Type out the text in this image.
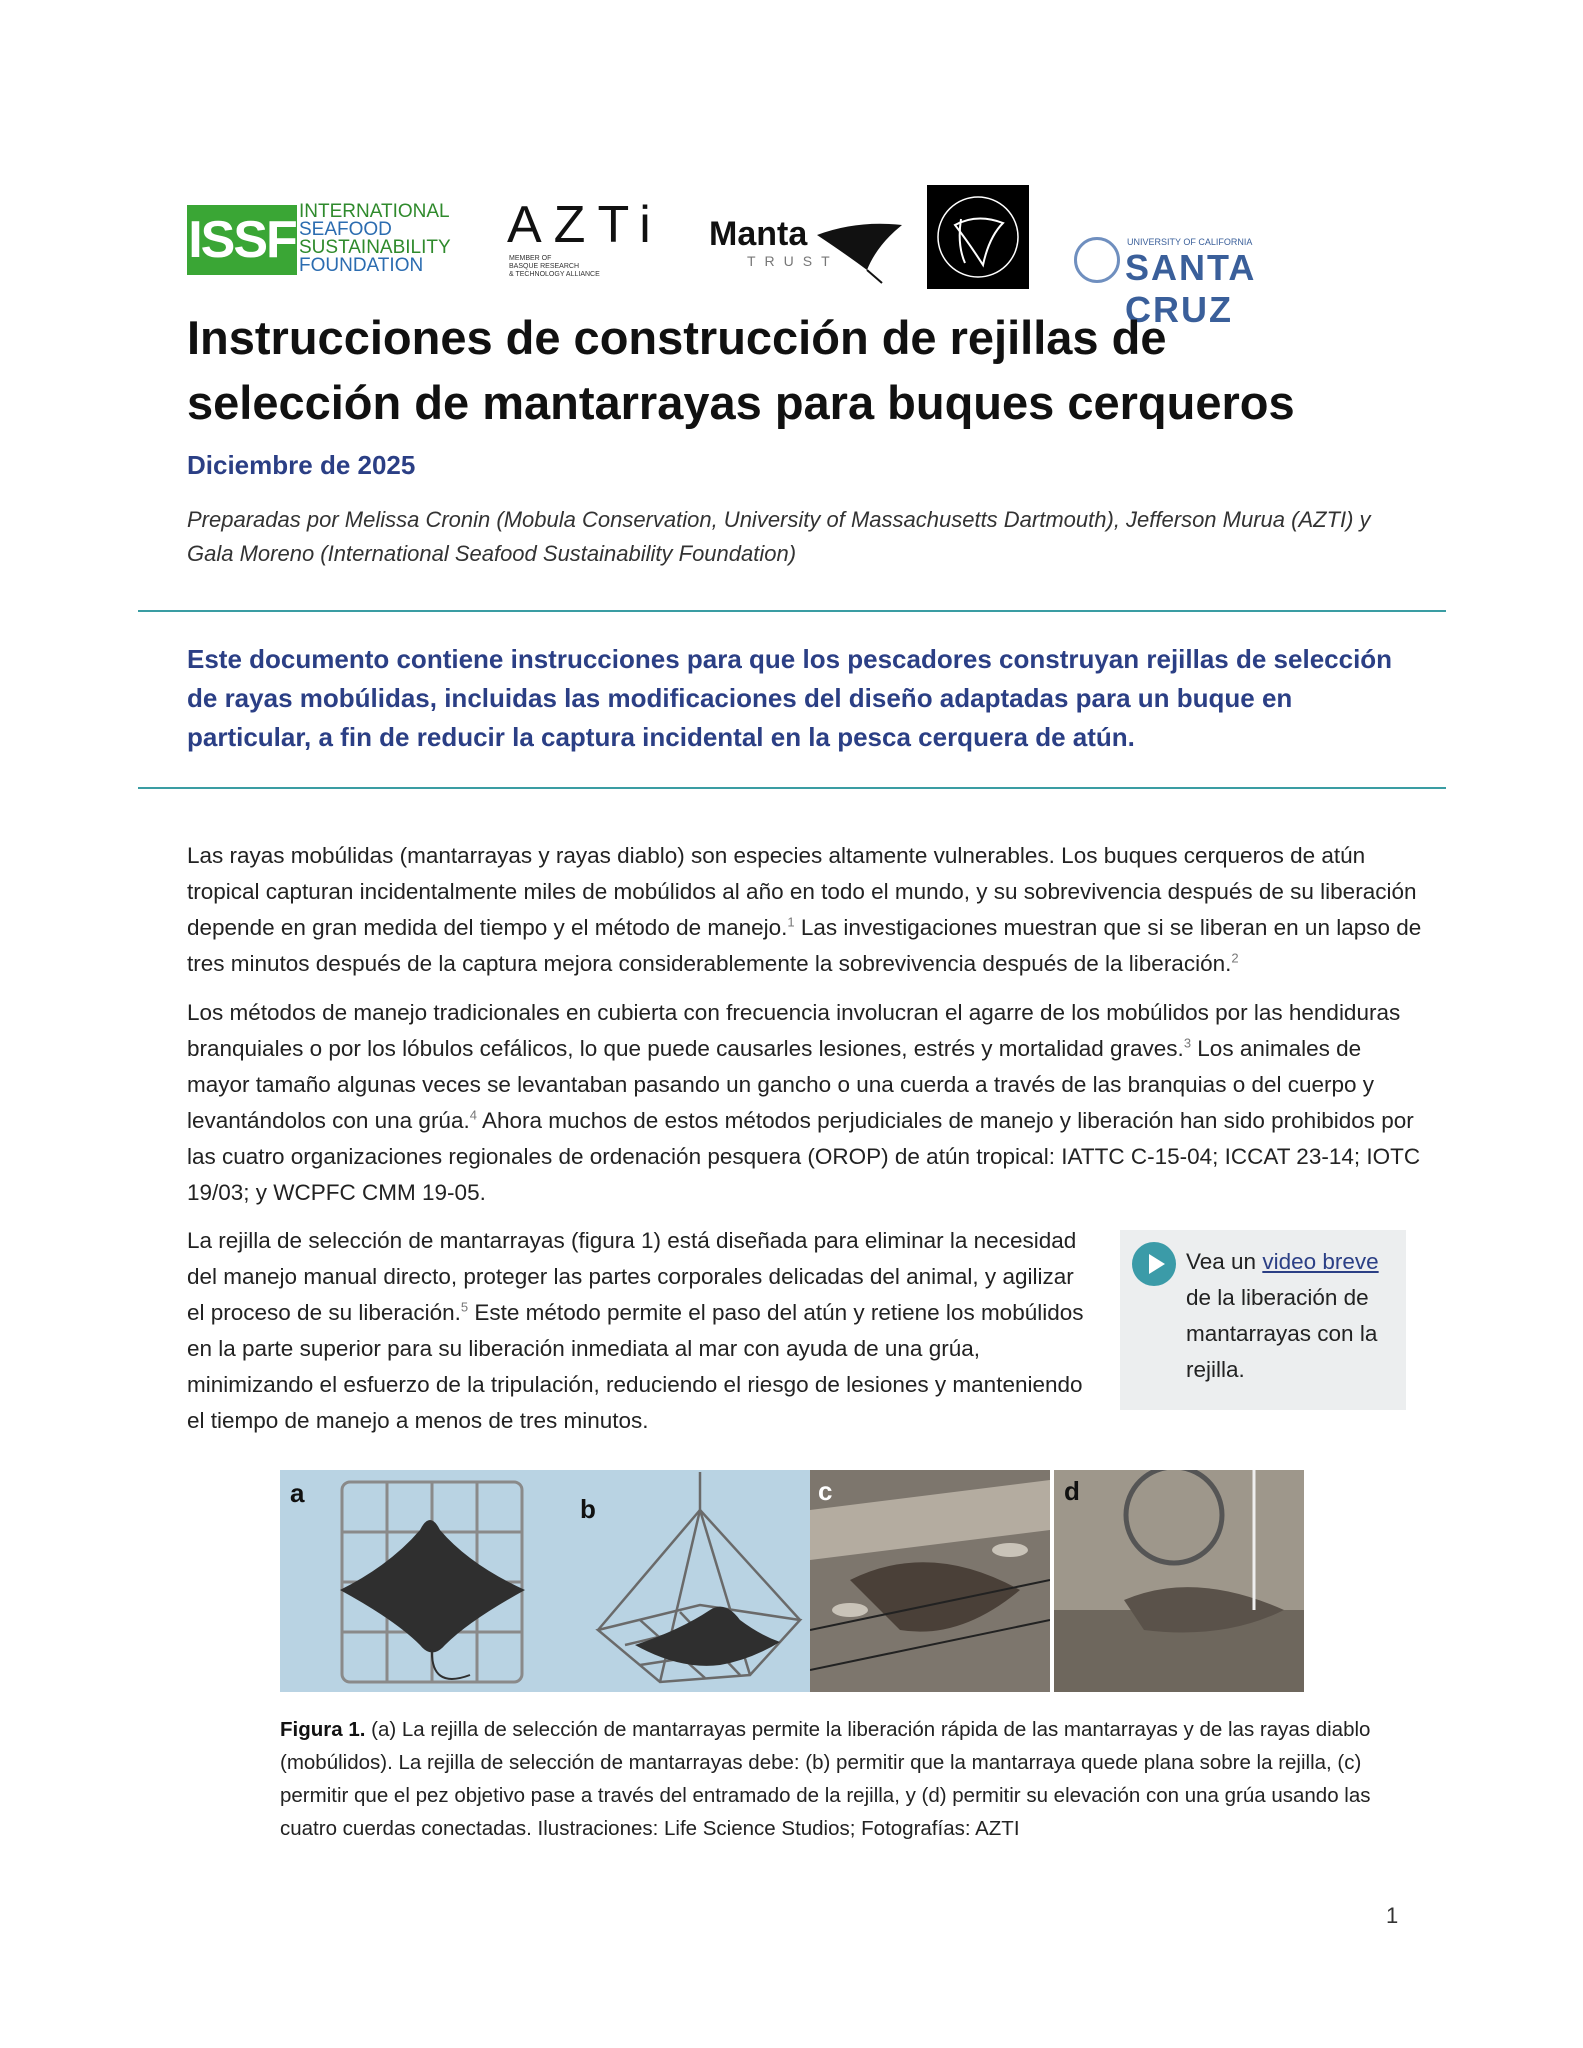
ISSF INTERNATIONAL
SEAFOOD
SUSTAINABILITY
FOUNDATION
AZTi
MEMBER OF
BASQUE RESEARCH
& TECHNOLOGY ALLIANCE
Manta
TRUST
UNIVERSITY OF CALIFORNIA
SANTA CRUZ
Instrucciones de construcción de rejillas de selección de mantarrayas para buques cerqueros
Diciembre de 2025
Preparadas por Melissa Cronin (Mobula Conservation, University of Massachusetts Dartmouth), Jefferson Murua (AZTI) y Gala Moreno (International Seafood Sustainability Foundation)
Este documento contiene instrucciones para que los pescadores construyan rejillas de selección de rayas mobúlidas, incluidas las modificaciones del diseño adaptadas para un buque en particular, a fin de reducir la captura incidental en la pesca cerquera de atún.
Las rayas mobúlidas (mantarrayas y rayas diablo) son especies altamente vulnerables. Los buques cerqueros de atún tropical capturan incidentalmente miles de mobúlidos al año en todo el mundo, y su sobrevivencia después de su liberación depende en gran medida del tiempo y el método de manejo.$^1$ Las investigaciones muestran que si se liberan en un lapso de tres minutos después de la captura mejora considerablemente la sobrevivencia después de la liberación.$^2$
Los métodos de manejo tradicionales en cubierta con frecuencia involucran el agarre de los mobúlidos por las hendiduras branquiales o por los lóbulos cefálicos, lo que puede causarles lesiones, estrés y mortalidad graves.$^3$ Los animales de mayor tamaño algunas veces se levantaban pasando un gancho o una cuerda a través de las branquias o del cuerpo y levantándolos con una grúa.$^4$ Ahora muchos de estos métodos perjudiciales de manejo y liberación han sido prohibidos por las cuatro organizaciones regionales de ordenación pesquera (OROP) de atún tropical: IATTC C-15-04; ICCAT 23-14; IOTC 19/03; y WCPFC CMM 19-05.
La rejilla de selección de mantarrayas (figura 1) está diseñada para eliminar la necesidad del manejo manual directo, proteger las partes corporales delicadas del animal, y agilizar el proceso de su liberación.$^5$ Este método permite el paso del atún y retiene los mobúlidos en la parte superior para su liberación inmediata al mar con ayuda de una grúa, minimizando el esfuerzo de la tripulación, reduciendo el riesgo de lesiones y manteniendo el tiempo de manejo a menos de tres minutos.
Vea un video breve de la liberación de mantarrayas con la rejilla.
a
b
c	d
Figura 1. (a) La rejilla de selección de mantarrayas permite la liberación rápida de las mantarrayas y de las rayas diablo (mobúlidos). La rejilla de selección de mantarrayas debe: (b) permitir que la mantarraya quede plana sobre la rejilla, (c) permitir que el pez objetivo pase a través del entramado de la rejilla, y (d) permitir su elevación con una grúa usando las cuatro cuerdas conectadas. Ilustraciones: Life Science Studios; Fotografías: AZTI
1
